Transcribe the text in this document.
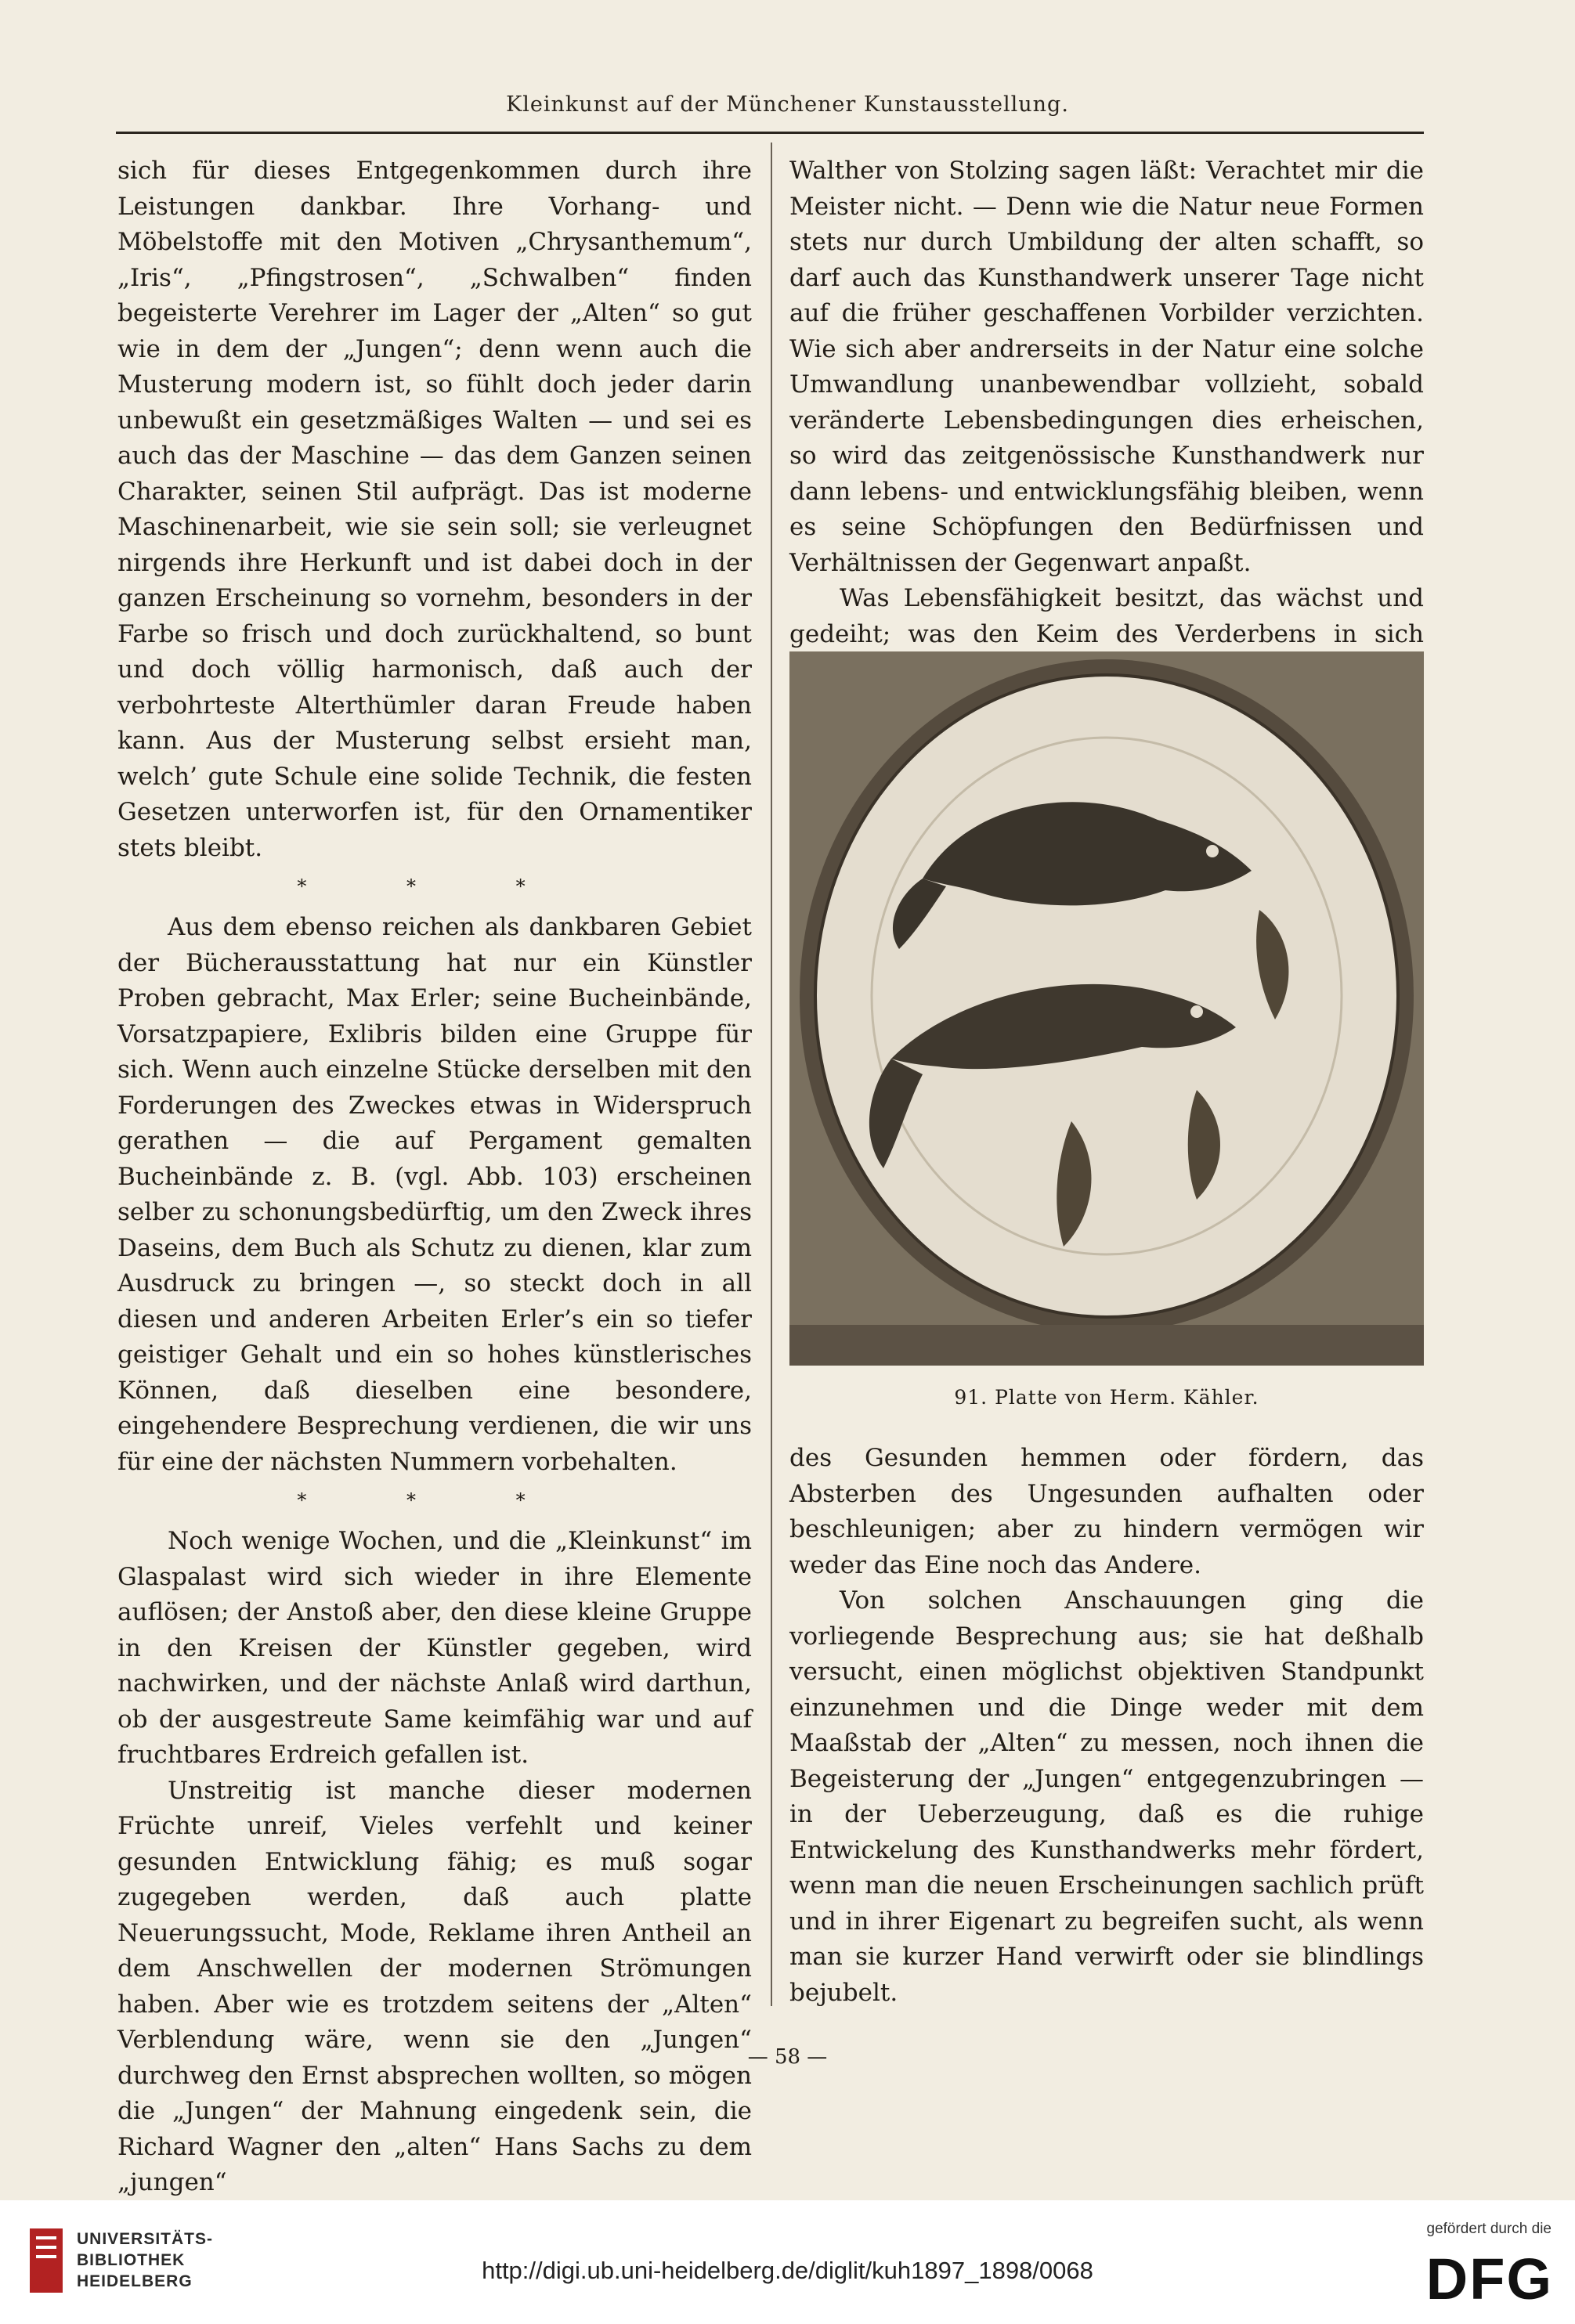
Kleinkunst auf der Münchener Kunstausstellung.

sich für dieses Entgegenkommen durch ihre Leistungen dankbar. Ihre Vorhang- und Möbelstoffe mit den Motiven „Chrysanthemum“, „Iris“, „Pfingstrosen“, „Schwalben“ finden begeisterte Verehrer im Lager der „Alten“ so gut wie in dem der „Jungen“; denn wenn auch die Musterung modern ist, so fühlt doch jeder darin unbewußt ein gesetzmäßiges Walten — und sei es auch das der Maschine — das dem Ganzen seinen Charakter, seinen Stil aufprägt. Das ist moderne Maschinenarbeit, wie sie sein soll; sie verleugnet nirgends ihre Herkunft und ist dabei doch in der ganzen Erscheinung so vornehm, besonders in der Farbe so frisch und doch zurückhaltend, so bunt und doch völlig harmonisch, daß auch der verbohrteste Alterthümler daran Freude haben kann. Aus der Musterung selbst ersieht man, welch’ gute Schule eine solide Technik, die festen Gesetzen unterworfen ist, für den Ornamentiker stets bleibt.

* * *

Aus dem ebenso reichen als dankbaren Gebiet der Bücherausstattung hat nur ein Künstler Proben gebracht, Max Erler; seine Bucheinbände, Vorsatzpapiere, Exlibris bilden eine Gruppe für sich. Wenn auch einzelne Stücke derselben mit den Forderungen des Zweckes etwas in Widerspruch gerathen — die auf Pergament gemalten Bucheinbände z. B. (vgl. Abb. 103) erscheinen selber zu schonungsbedürftig, um den Zweck ihres Daseins, dem Buch als Schutz zu dienen, klar zum Ausdruck zu bringen —, so steckt doch in all diesen und anderen Arbeiten Erler’s ein so tiefer geistiger Gehalt und ein so hohes künstlerisches Können, daß dieselben eine besondere, eingehendere Besprechung verdienen, die wir uns für eine der nächsten Nummern vorbehalten.

* * *

Noch wenige Wochen, und die „Kleinkunst“ im Glaspalast wird sich wieder in ihre Elemente auflösen; der Anstoß aber, den diese kleine Gruppe in den Kreisen der Künstler gegeben, wird nachwirken, und der nächste Anlaß wird darthun, ob der ausgestreute Same keimfähig war und auf fruchtbares Erdreich gefallen ist.

Unstreitig ist manche dieser modernen Früchte unreif, Vieles verfehlt und keiner gesunden Entwicklung fähig; es muß sogar zugegeben werden, daß auch platte Neuerungssucht, Mode, Reklame ihren Antheil an dem Anschwellen der modernen Strömungen haben. Aber wie es trotzdem seitens der „Alten“ Verblendung wäre, wenn sie den „Jungen“ durchweg den Ernst absprechen wollten, so mögen die „Jungen“ der Mahnung eingedenk sein, die Richard Wagner den „alten“ Hans Sachs zu dem „jungen“

Walther von Stolzing sagen läßt: Verachtet mir die Meister nicht. — Denn wie die Natur neue Formen stets nur durch Umbildung der alten schafft, so darf auch das Kunsthandwerk unserer Tage nicht auf die früher geschaffenen Vorbilder verzichten. Wie sich aber andrerseits in der Natur eine solche Umwandlung unanbewendbar vollzieht, sobald veränderte Lebensbedingungen dies erheischen, so wird das zeitgenössische Kunsthandwerk nur dann lebens- und entwicklungsfähig bleiben, wenn es seine Schöpfungen den Bedürfnissen und Verhältnissen der Gegenwart anpaßt.

Was Lebensfähigkeit besitzt, das wächst und gedeiht; was den Keim des Verderbens in sich

91. Platte von Herm. Kähler.

des Gesunden hemmen oder fördern, das Absterben des Ungesunden aufhalten oder beschleunigen; aber zu hindern vermögen wir weder das Eine noch das Andere.

Von solchen Anschauungen ging die vorliegende Besprechung aus; sie hat deßhalb versucht, einen möglichst objektiven Standpunkt einzunehmen und die Dinge weder mit dem Maaßstab der „Alten“ zu messen, noch ihnen die Begeisterung der „Jungen“ entgegenzubringen — in der Ueberzeugung, daß es die ruhige Entwickelung des Kunsthandwerks mehr fördert, wenn man die neuen Erscheinungen sachlich prüft und in ihrer Eigenart zu begreifen sucht, als wenn man sie kurzer Hand verwirft oder sie blindlings bejubelt.

— 58 —
UNIVERSITÄTS-
BIBLIOTHEK
HEIDELBERG	http://digi.ub.uni-heidelberg.de/diglit/kuh1897_1898/0068
gefördert durch die
DFG
